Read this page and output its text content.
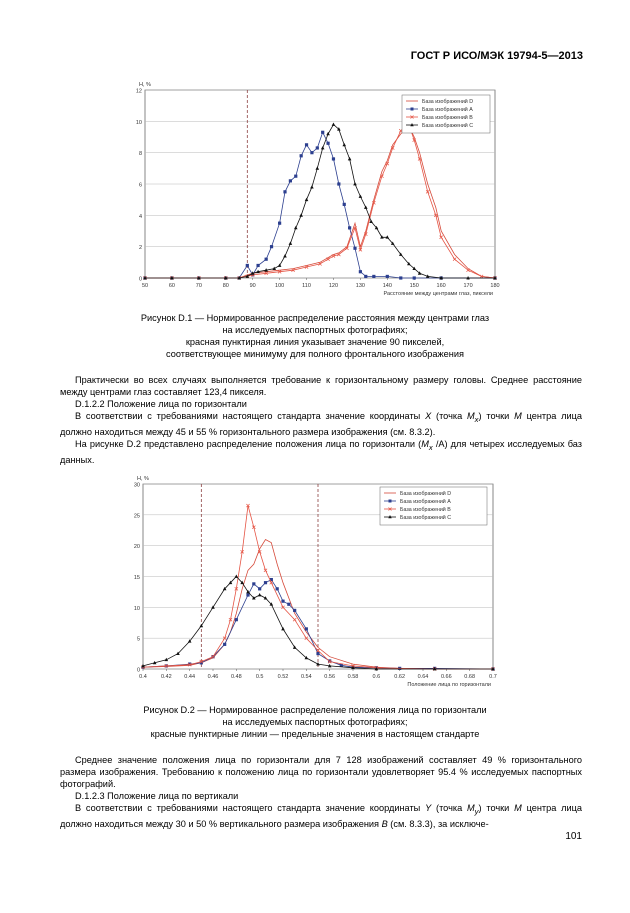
ГОСТ Р ИСО/МЭК 19794-5—2013
0
2
4
6
8
10
12
50	60	70	80	90	100	110	120	130	140	150	160	170	180
Н, %
Расстояние между центрами глаз, пиксели
База изображений D
База изображений А
База изображений В
База изображений С
Рисунок D.1 — Нормированное распределение расстояния между центрами глаз
на исследуемых паспортных фотографиях;
красная пунктирная линия указывает значение 90 пикселей,
соответствующее минимуму для полного фронтального изображения

Практически во всех случаях выполняется требование к горизонтальному размеру головы. Среднее расстояние между центрами глаз составляет 123,4 пикселя.

D.1.2.2 Положение лица по горизонтали

В соответствии с требованиями настоящего стандарта значение координаты X (точка $M_x$) точки M центра лица должно находиться между 45 и 55 % горизонтального размера изображения (см. 8.3.2).

На рисунке D.2 представлено распределение положения лица по горизонтали ($M_x$ /A) для четырех исследуемых баз данных.

0
5
10
15
20
25
30
0.4	0.42 0.44 0.46 0.48	0.5	0.52 0.54 0.56 0.58	0.6	0.62 0.64 0.66 0.68	0.7
Н, %
Положение лица по горизонтали
База изображений D
База изображений А
База изображений В
База изображений С
Рисунок D.2 — Нормированное распределение положения лица по горизонтали
на исследуемых паспортных фотографиях;
красные пунктирные линии — предельные значения в настоящем стандарте

Среднее значение положения лица по горизонтали для 7 128 изображений составляет 49 % горизонтального размера изображения. Требованию к положению лица по горизонтали удовлетворяет 95.4 % исследуемых паспортных фотографий.

D.1.2.3 Положение лица по вертикали

В соответствии с требованиями настоящего стандарта значение координаты Y (точка $M_y$) точки M центра лица должно находиться между 30 и 50 % вертикального размера изображения B (см. 8.3.3), за исключе-

101
